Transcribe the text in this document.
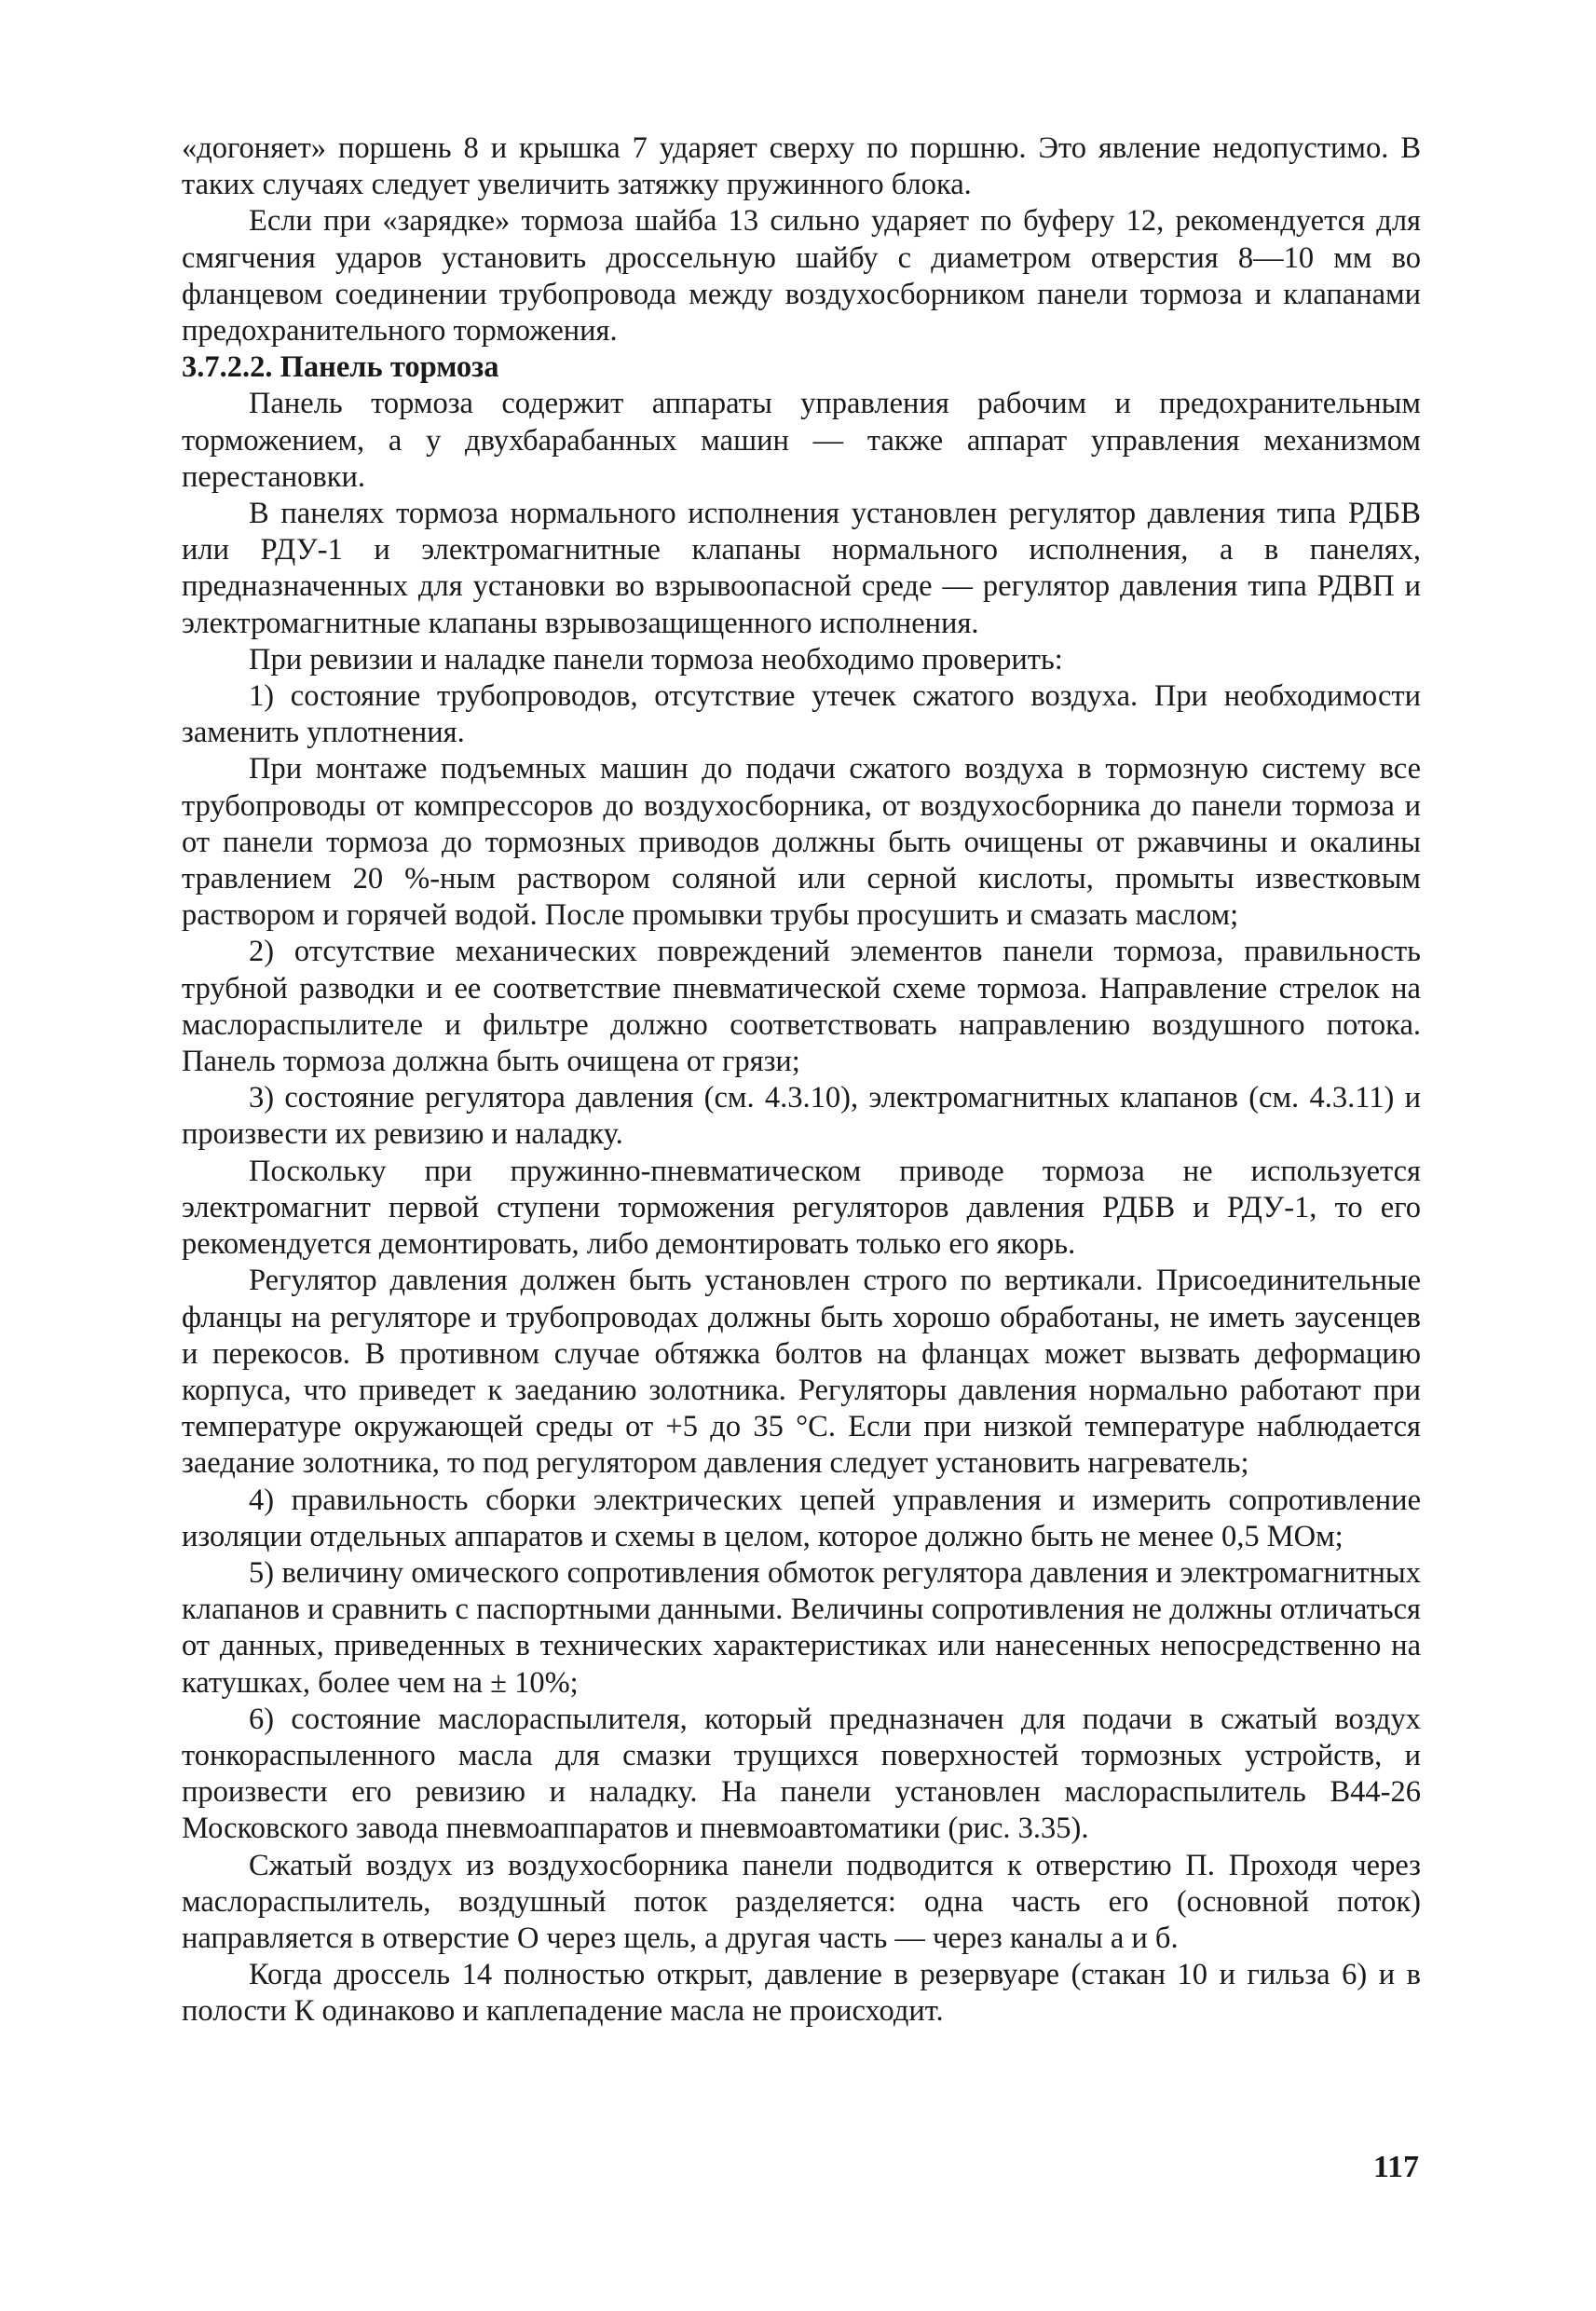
«догоняет» поршень 8 и крышка 7 ударяет сверху по поршню. Это явление недопустимо. В таких случаях следует увеличить затяжку пружинного блока.

Если при «зарядке» тормоза шайба 13 сильно ударяет по буферу 12, рекомендуется для смягчения ударов установить дроссельную шайбу с диаметром отверстия 8—10 мм во фланцевом соединении трубопровода между воздухосборником панели тормоза и клапанами предохранительного торможения.

3.7.2.2. Панель тормоза

Панель тормоза содержит аппараты управления рабочим и предохранительным торможением, а у двухбарабанных машин — также аппарат управления механизмом перестановки.

В панелях тормоза нормального исполнения установлен регулятор давления типа РДБВ или РДУ-1 и электромагнитные клапаны нормального исполнения, а в панелях, предназначенных для установки во взрывоопасной среде — регулятор давления типа РДВП и электромагнитные клапаны взрывозащищенного исполнения.

При ревизии и наладке панели тормоза необходимо проверить:

1) состояние трубопроводов, отсутствие утечек сжатого воздуха. При необходимости заменить уплотнения.

При монтаже подъемных машин до подачи сжатого воздуха в тормозную систему все трубопроводы от компрессоров до воздухосборника, от воздухосборника до панели тормоза и от панели тормоза до тормозных приводов должны быть очищены от ржавчины и окалины травлением 20 %-ным раствором соляной или серной кислоты, промыты известковым раствором и горячей водой. После промывки трубы просушить и смазать маслом;

2) отсутствие механических повреждений элементов панели тормоза, правильность трубной разводки и ее соответствие пневматической схеме тормоза. Направление стрелок на маслораспылителе и фильтре должно соответствовать направлению воздушного потока. Панель тормоза должна быть очищена от грязи;

3) состояние регулятора давления (см. 4.3.10), электромагнитных клапанов (см. 4.3.11) и произвести их ревизию и наладку.

Поскольку при пружинно-пневматическом приводе тормоза не используется электромагнит первой ступени торможения регуляторов давления РДБВ и РДУ-1, то его рекомендуется демонтировать, либо демонтировать только его якорь.

Регулятор давления должен быть установлен строго по вертикали. Присоединительные фланцы на регуляторе и трубопроводах должны быть хорошо обработаны, не иметь заусенцев и перекосов. В противном случае обтяжка болтов на фланцах может вызвать деформацию корпуса, что приведет к заеданию золотника. Регуляторы давления нормально работают при температуре окружающей среды от +5 до 35 °С. Если при низкой температуре наблюдается заедание золотника, то под регулятором давления следует установить нагреватель;

4) правильность сборки электрических цепей управления и измерить сопротивление изоляции отдельных аппаратов и схемы в целом, которое должно быть не менее 0,5 МОм;

5) величину омического сопротивления обмоток регулятора давления и электромагнитных клапанов и сравнить с паспортными данными. Величины сопротивления не должны отличаться от данных, приведенных в технических характеристиках или нанесенных непосредственно на катушках, более чем на ± 10%;

6) состояние маслораспылителя, который предназначен для подачи в сжатый воздух тонкораспыленного масла для смазки трущихся поверхностей тормозных устройств, и произвести его ревизию и наладку. На панели установлен маслораспылитель В44-26 Московского завода пневмоаппаратов и пневмоавтоматики (рис. 3.35).

Сжатый воздух из воздухосборника панели подводится к отверстию П. Проходя через маслораспылитель, воздушный поток разделяется: одна часть его (основной поток) направляется в отверстие О через щель, а другая часть — через каналы а и б.

Когда дроссель 14 полностью открыт, давление в резервуаре (стакан 10 и гильза 6) и в полости К одинаково и каплепадение масла не происходит.

117
